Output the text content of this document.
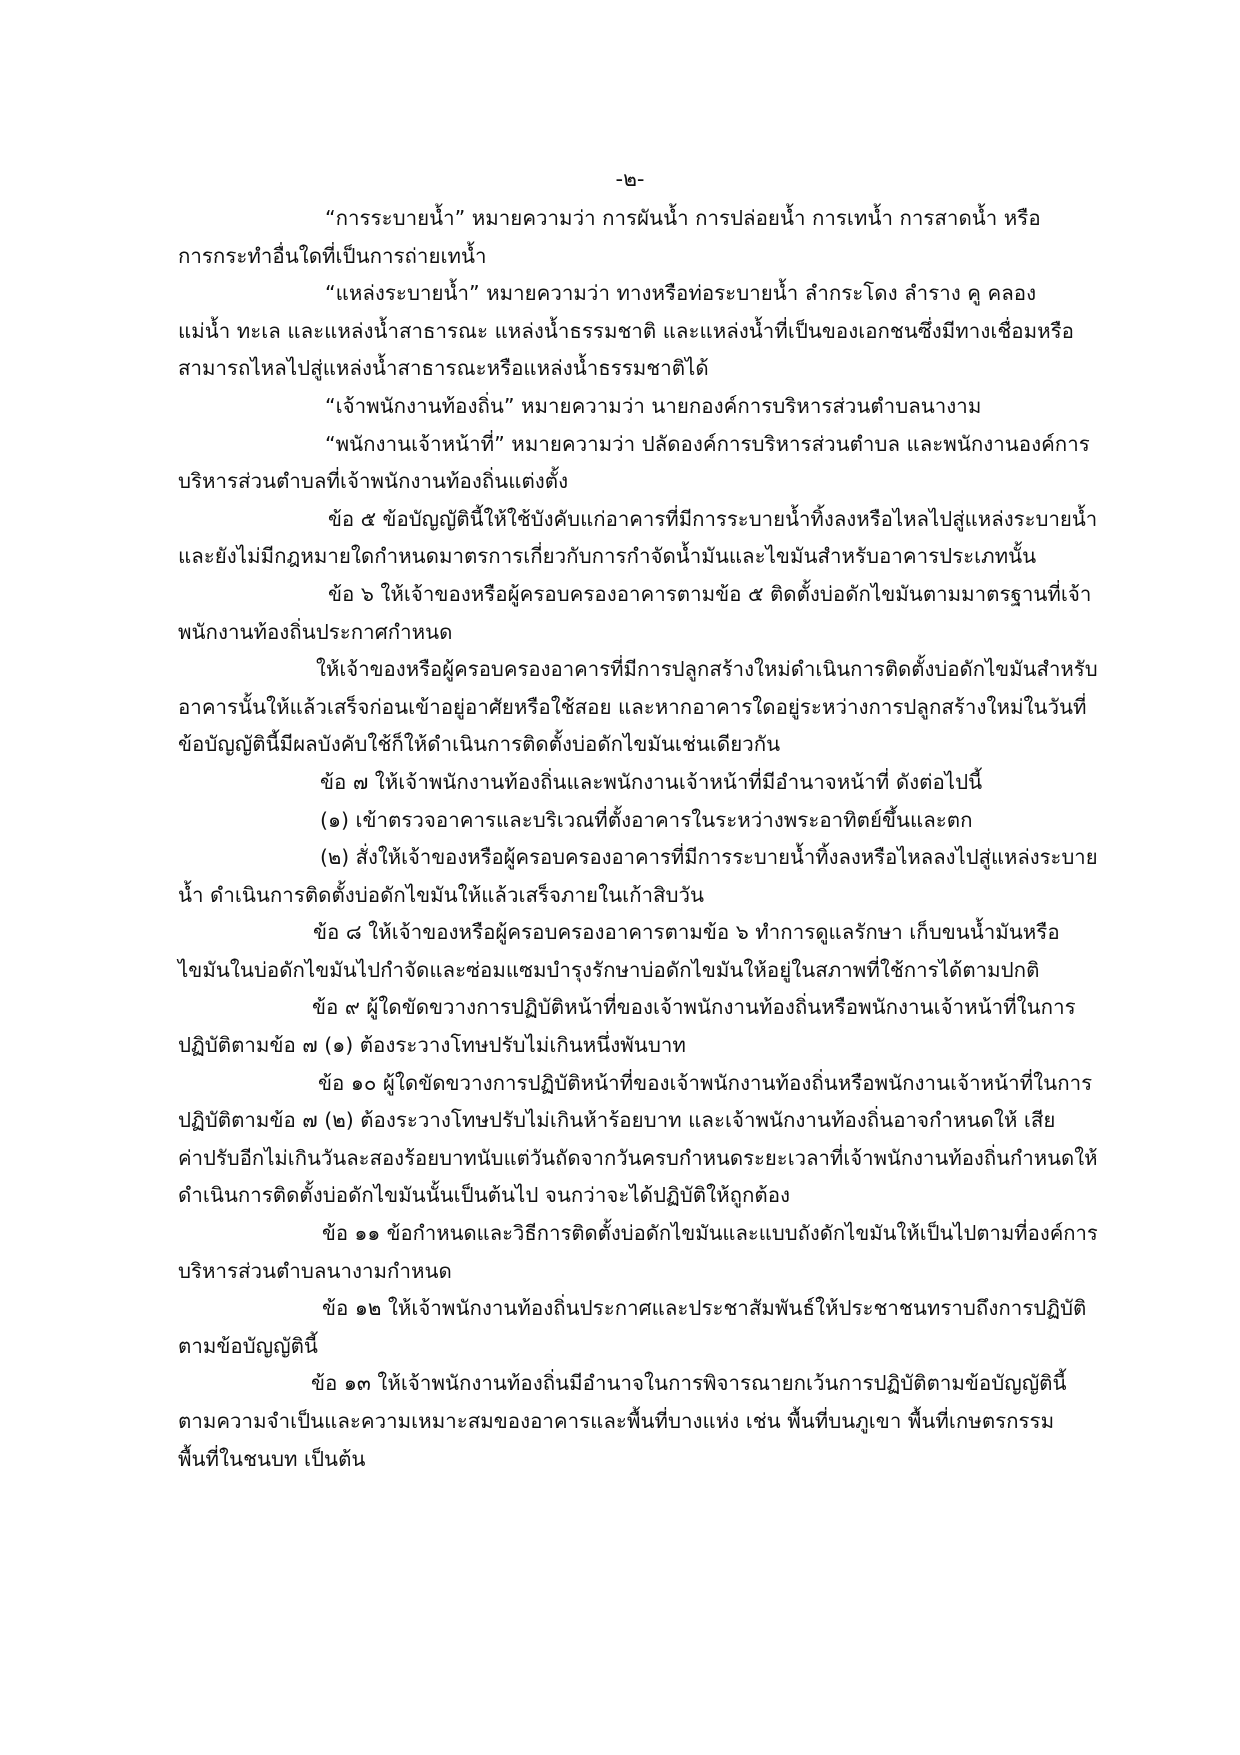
-๒-
“การระบายน้ำ” หมายความว่า การผันน้ำ การปล่อยน้ำ การเทน้ำ การสาดน้ำ หรือ
การกระทำอื่นใดที่เป็นการถ่ายเทน้ำ
“แหล่งระบายน้ำ” หมายความว่า ทางหรือท่อระบายน้ำ ลำกระโดง ลำราง คู คลอง
แม่น้ำ ทะเล และแหล่งน้ำสาธารณะ แหล่งน้ำธรรมชาติ และแหล่งน้ำที่เป็นของเอกชนซึ่งมีทางเชื่อมหรือ
สามารถไหลไปสู่แหล่งน้ำสาธารณะหรือแหล่งน้ำธรรมชาติได้
“เจ้าพนักงานท้องถิ่น” หมายความว่า นายกองค์การบริหารส่วนตำบลนางาม
“พนักงานเจ้าหน้าที่” หมายความว่า ปลัดองค์การบริหารส่วนตำบล และพนักงานองค์การ
บริหารส่วนตำบลที่เจ้าพนักงานท้องถิ่นแต่งตั้ง
ข้อ ๕ ข้อบัญญัตินี้ให้ใช้บังคับแก่อาคารที่มีการระบายน้ำทิ้งลงหรือไหลไปสู่แหล่งระบายน้ำ
และยังไม่มีกฎหมายใดกำหนดมาตรการเกี่ยวกับการกำจัดน้ำมันและไขมันสำหรับอาคารประเภทนั้น
ข้อ ๖ ให้เจ้าของหรือผู้ครอบครองอาคารตามข้อ ๕ ติดตั้งบ่อดักไขมันตามมาตรฐานที่เจ้า
พนักงานท้องถิ่นประกาศกำหนด
ให้เจ้าของหรือผู้ครอบครองอาคารที่มีการปลูกสร้างใหม่ดำเนินการติดตั้งบ่อดักไขมันสำหรับ
อาคารนั้นให้แล้วเสร็จก่อนเข้าอยู่อาศัยหรือใช้สอย และหากอาคารใดอยู่ระหว่างการปลูกสร้างใหม่ในวันที่
ข้อบัญญัตินี้มีผลบังคับใช้ก็ให้ดำเนินการติดตั้งบ่อดักไขมันเช่นเดียวกัน
ข้อ ๗ ให้เจ้าพนักงานท้องถิ่นและพนักงานเจ้าหน้าที่มีอำนาจหน้าที่ ดังต่อไปนี้
(๑) เข้าตรวจอาคารและบริเวณที่ตั้งอาคารในระหว่างพระอาทิตย์ขึ้นและตก
(๒) สั่งให้เจ้าของหรือผู้ครอบครองอาคารที่มีการระบายน้ำทิ้งลงหรือไหลลงไปสู่แหล่งระบาย
น้ำ ดำเนินการติดตั้งบ่อดักไขมันให้แล้วเสร็จภายในเก้าสิบวัน
ข้อ ๘ ให้เจ้าของหรือผู้ครอบครองอาคารตามข้อ ๖ ทำการดูแลรักษา เก็บขนน้ำมันหรือ
ไขมันในบ่อดักไขมันไปกำจัดและซ่อมแซมบำรุงรักษาบ่อดักไขมันให้อยู่ในสภาพที่ใช้การได้ตามปกติ
ข้อ ๙ ผู้ใดขัดขวางการปฏิบัติหน้าที่ของเจ้าพนักงานท้องถิ่นหรือพนักงานเจ้าหน้าที่ในการ
ปฏิบัติตามข้อ ๗ (๑) ต้องระวางโทษปรับไม่เกินหนึ่งพันบาท
ข้อ ๑๐ ผู้ใดขัดขวางการปฏิบัติหน้าที่ของเจ้าพนักงานท้องถิ่นหรือพนักงานเจ้าหน้าที่ในการ
ปฏิบัติตามข้อ ๗ (๒) ต้องระวางโทษปรับไม่เกินห้าร้อยบาท และเจ้าพนักงานท้องถิ่นอาจกำหนดให้ เสีย
ค่าปรับอีกไม่เกินวันละสองร้อยบาทนับแต่วันถัดจากวันครบกำหนดระยะเวลาที่เจ้าพนักงานท้องถิ่นกำหนดให้
ดำเนินการติดตั้งบ่อดักไขมันนั้นเป็นต้นไป จนกว่าจะได้ปฏิบัติให้ถูกต้อง
ข้อ ๑๑ ข้อกำหนดและวิธีการติดตั้งบ่อดักไขมันและแบบถังดักไขมันให้เป็นไปตามที่องค์การ
บริหารส่วนตำบลนางามกำหนด
ข้อ ๑๒ ให้เจ้าพนักงานท้องถิ่นประกาศและประชาสัมพันธ์ให้ประชาชนทราบถึงการปฏิบัติ
ตามข้อบัญญัตินี้
ข้อ ๑๓ ให้เจ้าพนักงานท้องถิ่นมีอำนาจในการพิจารณายกเว้นการปฏิบัติตามข้อบัญญัตินี้
ตามความจำเป็นและความเหมาะสมของอาคารและพื้นที่บางแห่ง เช่น พื้นที่บนภูเขา พื้นที่เกษตรกรรม
พื้นที่ในชนบท เป็นต้น
